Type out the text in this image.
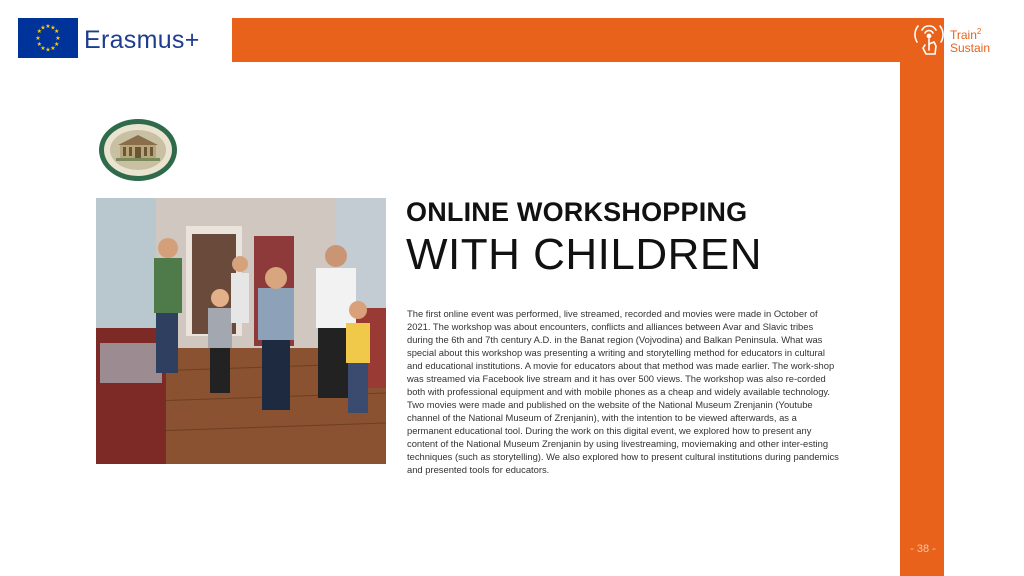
★ ★
★
★
★
★
★
★
★
★
★
★ Erasmus+	Train$^2$
Sustain
ONLINE WORKSHOPPING
WITH CHILDREN
The first online event was performed, live streamed, recorded and movies were made in October of 2021. The workshop was about encounters, conflicts and alliances between Avar and Slavic tribes during the 6th and 7th century A.D. in the Banat region (Vojvodina) and Balkan Peninsula. What was special about this workshop was presenting a writing and storytelling method for educators in cultural and educational institutions. A movie for educators about that method was made earlier. The work-shop was streamed via Facebook live stream and it has over 500 views. The workshop was also re-corded both with professional equipment and with mobile phones as a cheap and widely available technology. Two movies were made and published on the website of the National Museum Zrenjanin (Youtube channel of the National Museum of Zrenjanin), with the intention to be viewed afterwards, as a permanent educational tool. During the work on this digital event, we explored how to present any content of the National Museum Zrenjanin by using livestreaming, moviemaking and other inter-esting techniques (such as storytelling). We also explored how to present cultural institutions during pandemics and presented tools for educators.
- 38 -
